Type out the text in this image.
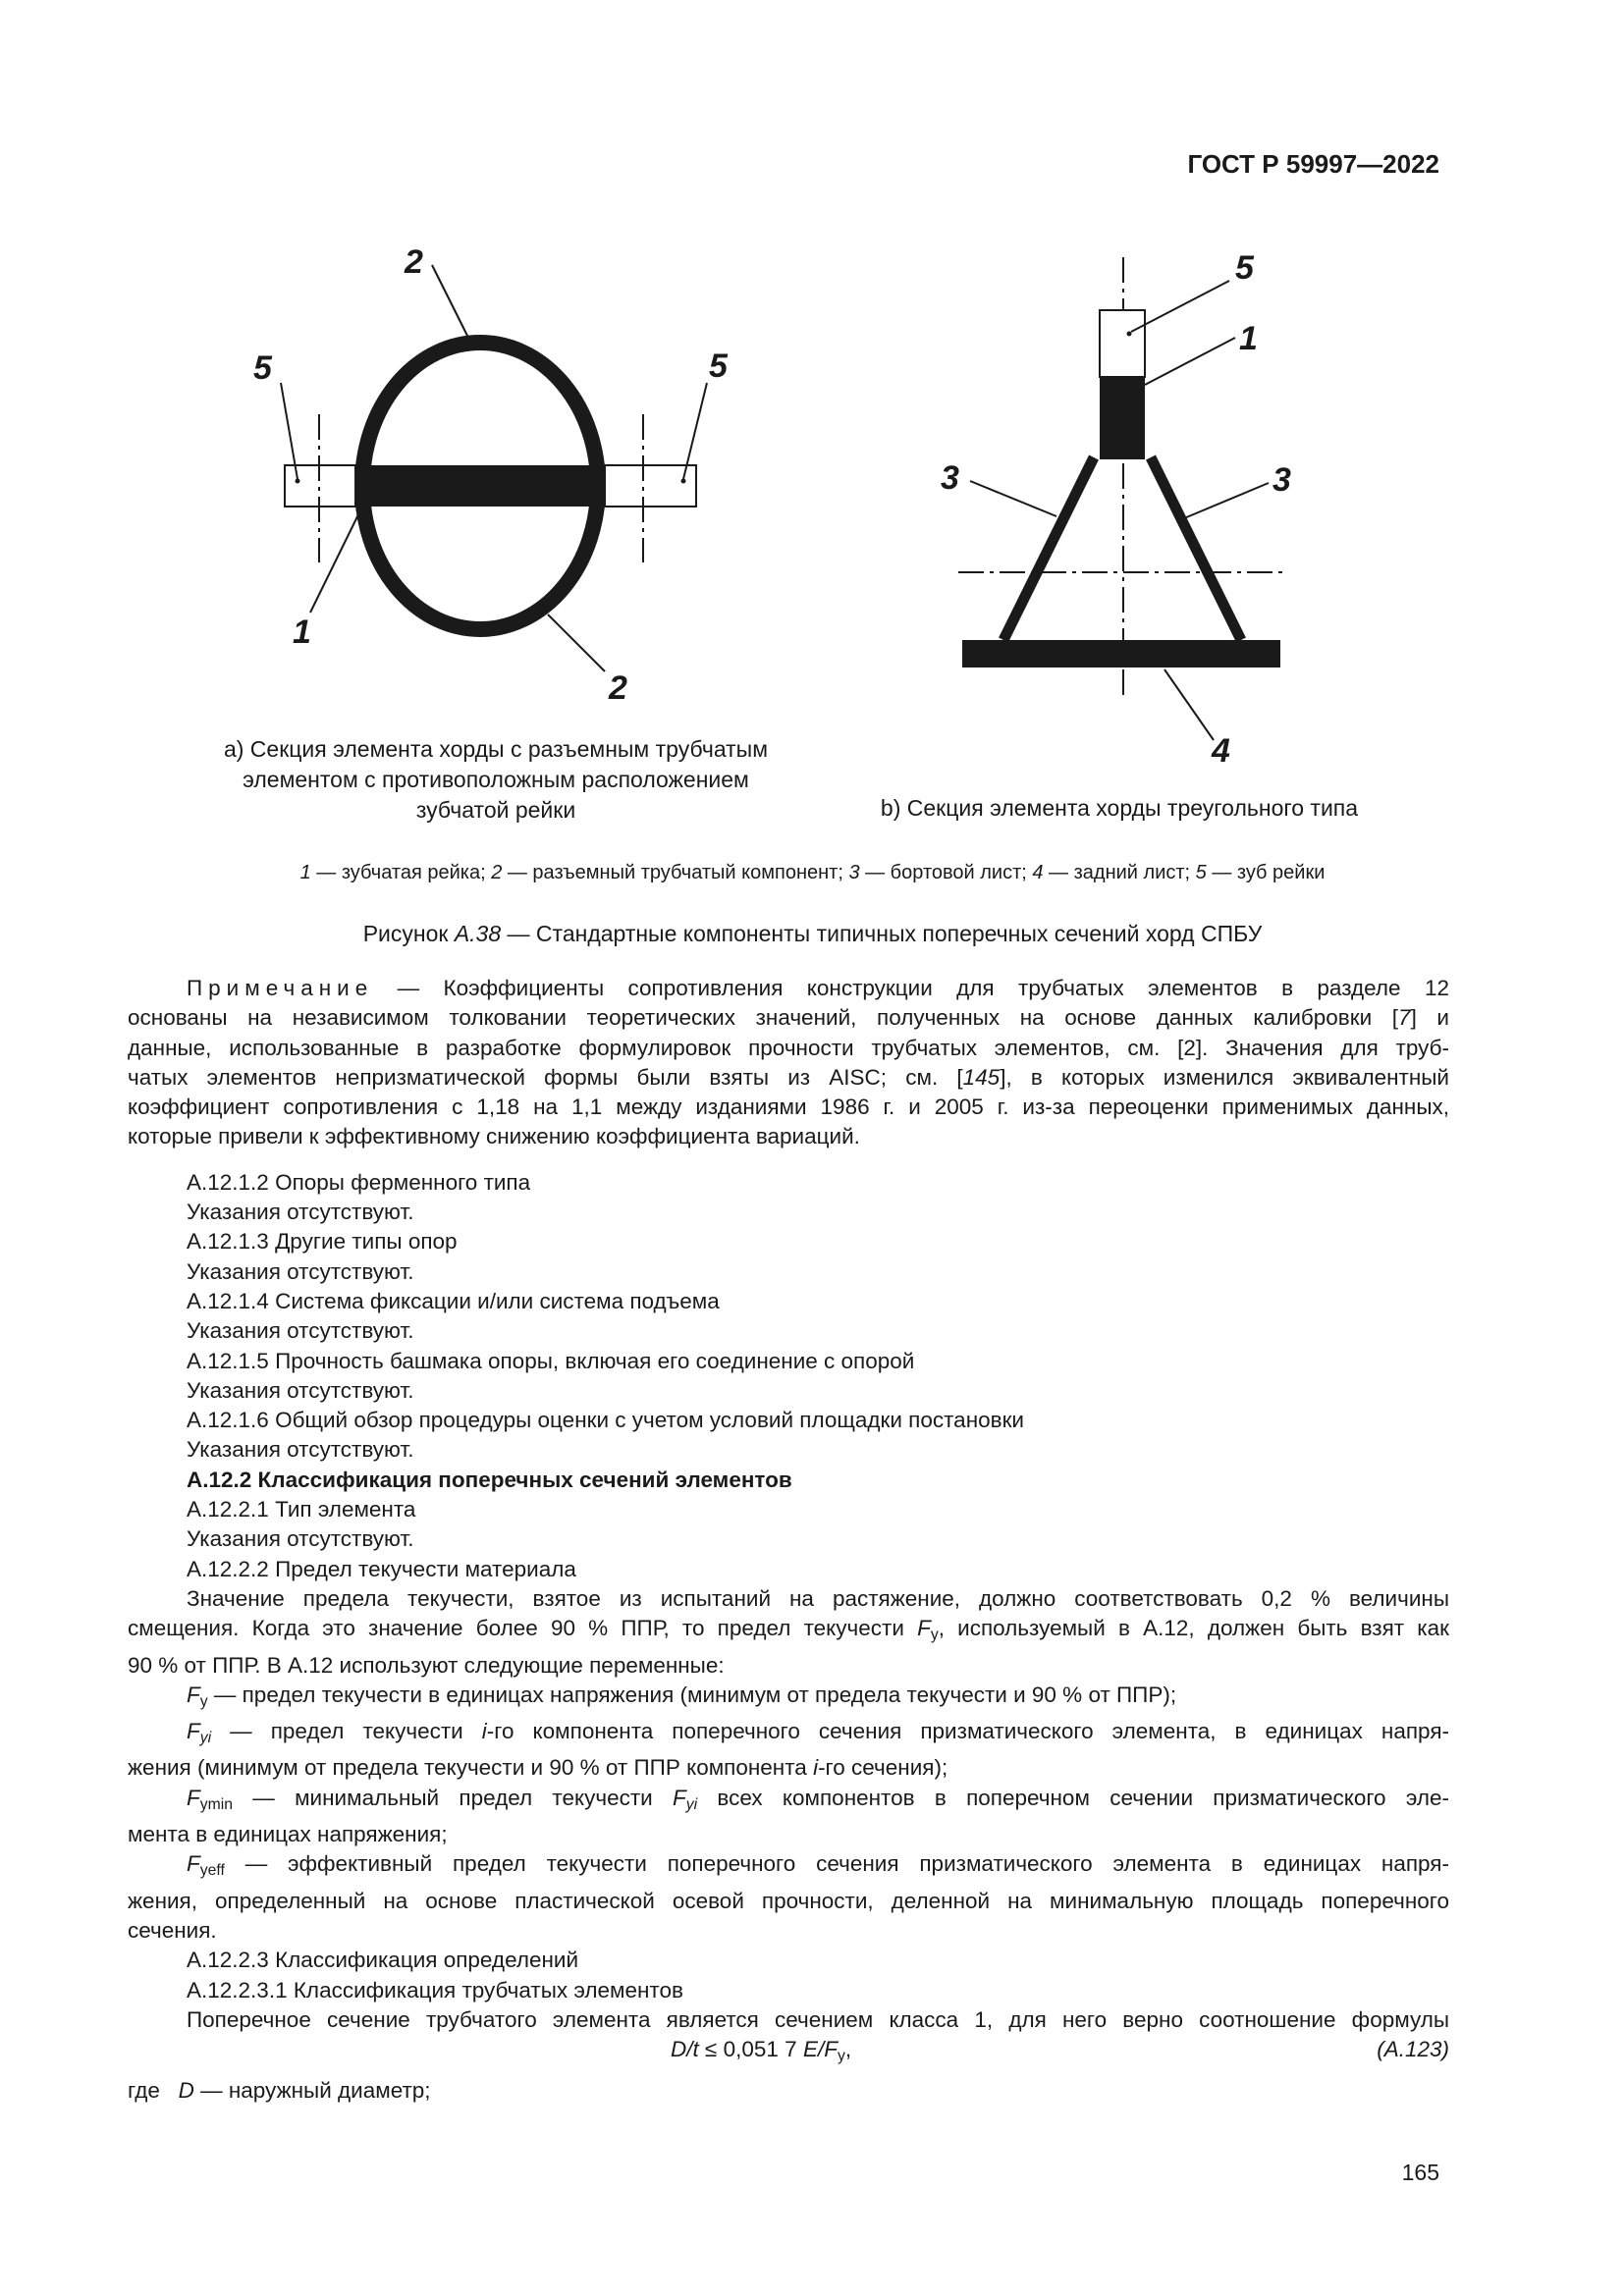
ГОСТ Р 59997—2022
2
5	5
1
2
5
1
3	3
4
a) Секция элемента хорды с разъемным трубчатым
элементом с противоположным расположением
зубчатой рейки	b) Секция элемента хорды треугольного типа
1 — зубчатая рейка; 2 — разъемный трубчатый компонент; 3 — бортовой лист; 4 — задний лист; 5 — зуб рейки
Рисунок А.38 — Стандартные компоненты типичных поперечных сечений хорд СПБУ

Примечание — Коэффициенты сопротивления конструкции для трубчатых элементов в разделе 12

основаны на независимом толковании теоретических значений, полученных на основе данных калибровки [7] и

данные, использованные в разработке формулировок прочности трубчатых элементов, см. [2]. Значения для труб-

чатых элементов непризматической формы были взяты из AISC; см. [145], в которых изменился эквивалентный

коэффициент сопротивления с 1,18 на 1,1 между изданиями 1986 г. и 2005 г. из-за переоценки применимых данных,

которые привели к эффективному снижению коэффициента вариаций.

А.12.1.2 Опоры ферменного типа

Указания отсутствуют.

А.12.1.3 Другие типы опор

Указания отсутствуют.

А.12.1.4 Система фиксации и/или система подъема

Указания отсутствуют.

А.12.1.5 Прочность башмака опоры, включая его соединение с опорой

Указания отсутствуют.

А.12.1.6 Общий обзор процедуры оценки с учетом условий площадки постановки

Указания отсутствуют.

А.12.2 Классификация поперечных сечений элементов

А.12.2.1 Тип элемента

Указания отсутствуют.

А.12.2.2 Предел текучести материала

Значение предела текучести, взятое из испытаний на растяжение, должно соответствовать 0,2 % величины

смещения. Когда это значение более 90 % ППР, то предел текучести $F_y$, используемый в А.12, должен быть взят как

90 % от ППР. В А.12 используют следующие переменные:

$F_y$ — предел текучести в единицах напряжения (минимум от предела текучести и 90 % от ППР);

$F_{yi}$ — предел текучести i-го компонента поперечного сечения призматического элемента, в единицах напря-

жения (минимум от предела текучести и 90 % от ППР компонента i-го сечения);

$F_{ymin}$ — минимальный предел текучести $F_{yi}$ всех компонентов в поперечном сечении призматического эле-

мента в единицах напряжения;

$F_{yeff}$ — эффективный предел текучести поперечного сечения призматического элемента в единицах напря-

жения, определенный на основе пластической осевой прочности, деленной на минимальную площадь поперечного

сечения.

А.12.2.3 Классификация определений

А.12.2.3.1 Классификация трубчатых элементов

Поперечное сечение трубчатого элемента является сечением класса 1, для него верно соотношение формулы

D/t ≤ 0,051 7 $E/F_y$,	(А.123)

где D — наружный диаметр;

165
